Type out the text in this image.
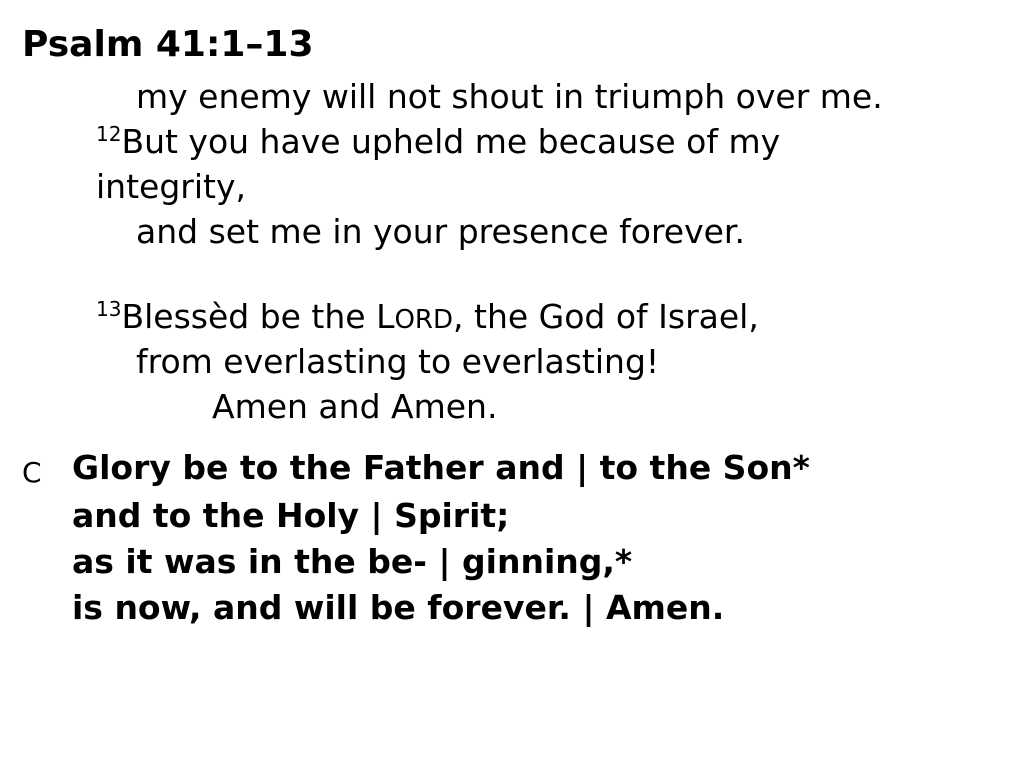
Psalm 41:1–13
my enemy will not shout in triumph over me.
$^{12}$But you have upheld me because of my
integrity,
and set me in your presence forever.
$^{13}$Blessèd be the LORD, the God of Israel,
from everlasting to everlasting!
Amen and Amen.
C Glory be to the Father and | to the Son*
and to the Holy | Spirit;
as it was in the be- | ginning,*
is now, and will be forever. | Amen.
